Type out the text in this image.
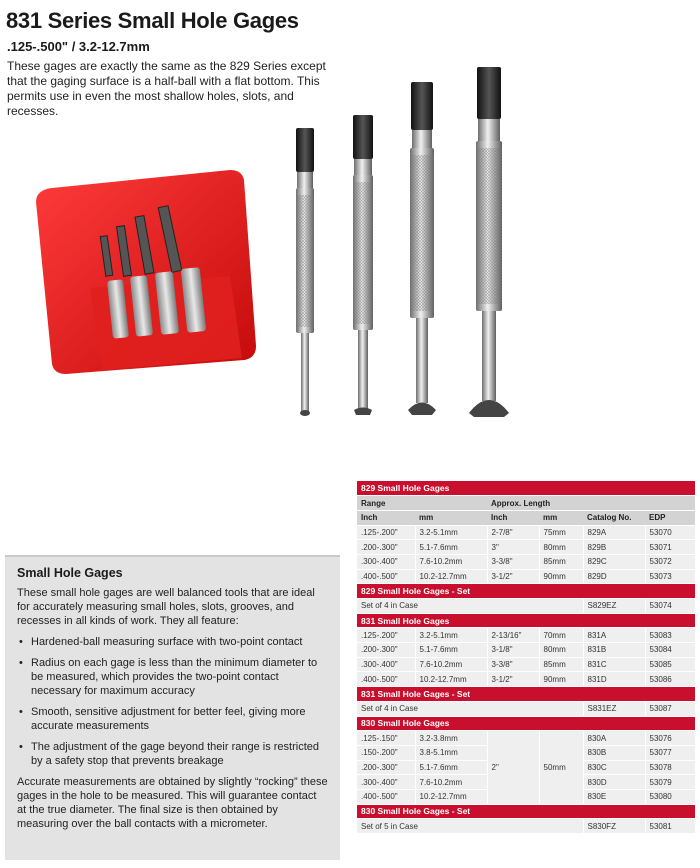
831 Series Small Hole Gages
.125-.500" / 3.2-12.7mm
These gages are exactly the same as the 829 Series except that the gaging surface is a half-ball with a flat bottom. This permits use in even the most shallow holes, slots, and recesses.
Small Hole Gages

These small hole gages are well balanced tools that are ideal for accurately measuring small holes, slots, grooves, and recesses in all kinds of work. They all feature:

• Hardened-ball measuring surface with two-point contact
• Radius on each gage is less than the minimum diameter to be measured, which provides the two-point contact necessary for maximum accuracy
• Smooth, sensitive adjustment for better feel, giving more accurate measurements
• The adjustment of the gage beyond their range is restricted by a safety stop that prevents breakage

Accurate measurements are obtained by slightly “rocking” these gages in the hole to be measured. This will guarantee contact at the true diameter. The final size is then obtained by measuring over the ball contacts with a micrometer.

829 Small Hole Gages					
Range		Approx. Length			
Inch	mm	Inch	mm	Catalog No.	EDP
.125-.200"	3.2-5.1mm	2-7/8"	75mm	829A	53070
.200-.300"	5.1-7.6mm	3"	80mm	829B	53071
.300-.400"	7.6-10.2mm	3-3/8"	85mm	829C	53072
.400-.500"	10.2-12.7mm	3-1/2"	90mm	829D	53073
829 Small Hole Gages - Set					
Set of 4 in Case				S829EZ	53074
831 Small Hole Gages					
.125-.200"	3.2-5.1mm	2-13/16"	70mm	831A	53083
.200-.300"	5.1-7.6mm	3-1/8"	80mm	831B	53084
.300-.400"	7.6-10.2mm	3-3/8"	85mm	831C	53085
.400-.500"	10.2-12.7mm	3-1/2"	90mm	831D	53086
831 Small Hole Gages - Set					
Set of 4 in Case				S831EZ	53087
830 Small Hole Gages					
.125-.150"	3.2-3.8mm	2"	50mm	830A	53076
.150-.200"	3.8-5.1mm			830B	53077
.200-.300"	5.1-7.6mm			830C	53078
.300-.400"	7.6-10.2mm			830D	53079
.400-.500"	10.2-12.7mm			830E	53080
830 Small Hole Gages - Set					
Set of 5 in Case				S830FZ	53081
